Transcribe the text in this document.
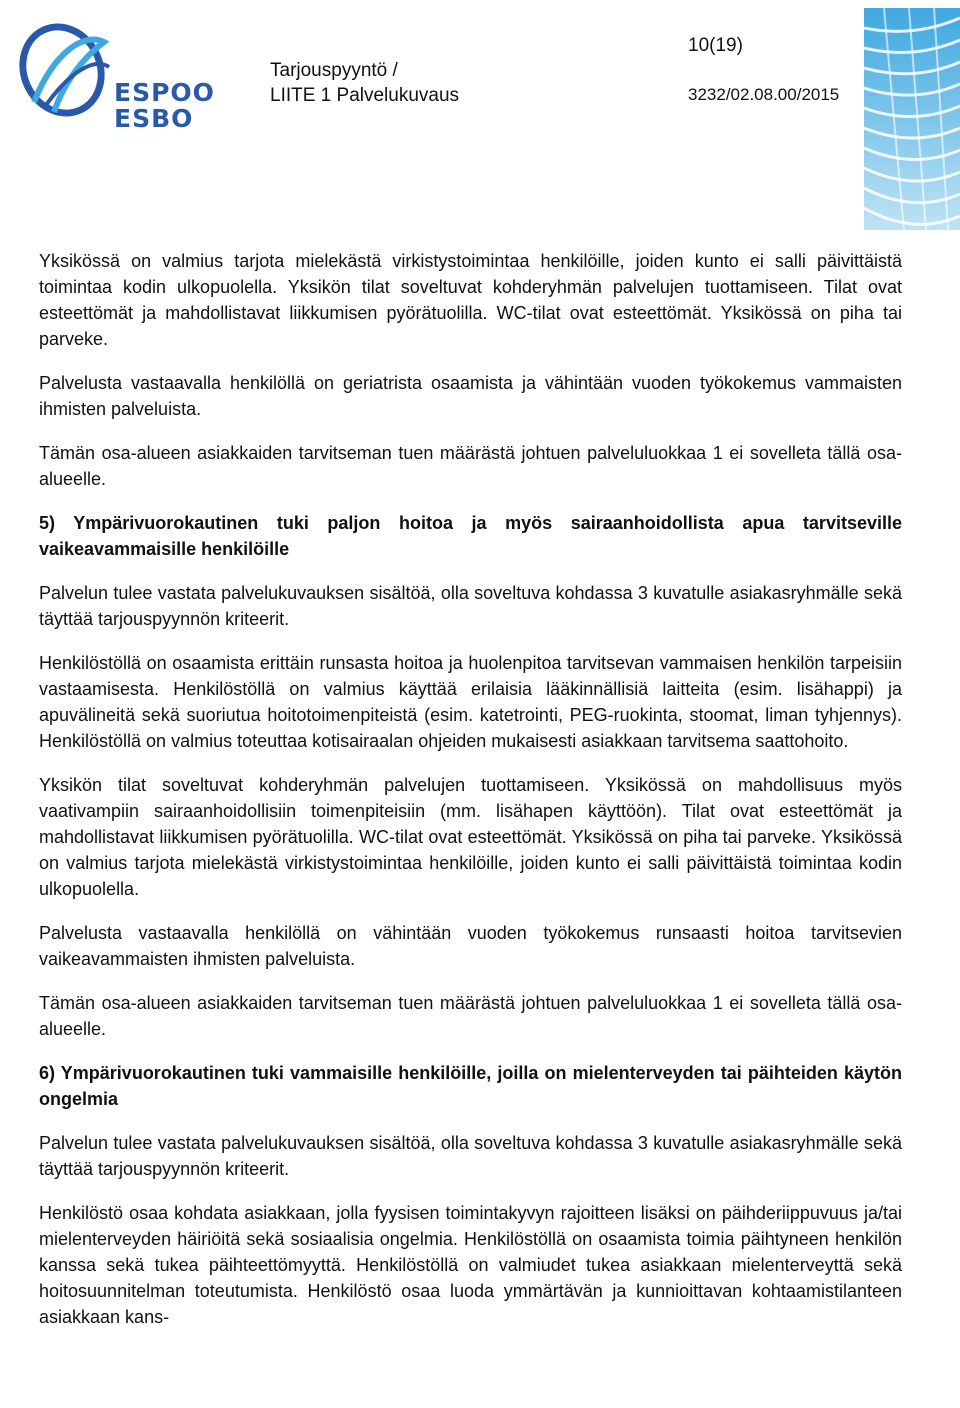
ESPOO
ESBO
Tarjouspyyntö /
LIITE 1 Palvelukuvaus
10(19)
3232/02.08.00/2015

Yksikössä on valmius tarjota mielekästä virkistystoimintaa henkilöille, joiden kunto ei salli päivittäistä toimintaa kodin ulkopuolella. Yksikön tilat soveltuvat kohderyhmän palvelujen tuottamiseen. Tilat ovat esteettömät ja mahdollistavat liikkumisen pyörätuolilla. WC-tilat ovat esteettömät. Yksikössä on piha tai parveke.

Palvelusta vastaavalla henkilöllä on geriatrista osaamista ja vähintään vuoden työkokemus vammaisten ihmisten palveluista.

Tämän osa-alueen asiakkaiden tarvitseman tuen määrästä johtuen palveluluokkaa 1 ei sovelleta tällä osa-alueelle.

5) Ympärivuorokautinen tuki paljon hoitoa ja myös sairaanhoidollista apua tarvitseville vaikeavammaisille henkilöille

Palvelun tulee vastata palvelukuvauksen sisältöä, olla soveltuva kohdassa 3 kuvatulle asiakasryhmälle sekä täyttää tarjouspyynnön kriteerit.

Henkilöstöllä on osaamista erittäin runsasta hoitoa ja huolenpitoa tarvitsevan vammaisen henkilön tarpeisiin vastaamisesta. Henkilöstöllä on valmius käyttää erilaisia lääkinnällisiä laitteita (esim. lisähappi) ja apuvälineitä sekä suoriutua hoitotoimenpiteistä (esim. katetrointi, PEG-ruokinta, stoomat, liman tyhjennys). Henkilöstöllä on valmius toteuttaa kotisairaalan ohjeiden mukaisesti asiakkaan tarvitsema saattohoito.

Yksikön tilat soveltuvat kohderyhmän palvelujen tuottamiseen. Yksikössä on mahdollisuus myös vaativampiin sairaanhoidollisiin toimenpiteisiin (mm. lisähapen käyttöön). Tilat ovat esteettömät ja mahdollistavat liikkumisen pyörätuolilla. WC-tilat ovat esteettömät. Yksikössä on piha tai parveke. Yksikössä on valmius tarjota mielekästä virkistystoimintaa henkilöille, joiden kunto ei salli päivittäistä toimintaa kodin ulkopuolella.

Palvelusta vastaavalla henkilöllä on vähintään vuoden työkokemus runsaasti hoitoa tarvitsevien vaikeavammaisten ihmisten palveluista.

Tämän osa-alueen asiakkaiden tarvitseman tuen määrästä johtuen palveluluokkaa 1 ei sovelleta tällä osa-alueelle.

6) Ympärivuorokautinen tuki vammaisille henkilöille, joilla on mielenterveyden tai päihteiden käytön ongelmia

Palvelun tulee vastata palvelukuvauksen sisältöä, olla soveltuva kohdassa 3 kuvatulle asiakasryhmälle sekä täyttää tarjouspyynnön kriteerit.

Henkilöstö osaa kohdata asiakkaan, jolla fyysisen toimintakyvyn rajoitteen lisäksi on päihderiippuvuus ja/tai mielenterveyden häiriöitä sekä sosiaalisia ongelmia. Henkilöstöllä on osaamista toimia päihtyneen henkilön kanssa sekä tukea päihteettömyyttä. Henkilöstöllä on valmiudet tukea asiakkaan mielenterveyttä sekä hoitosuunnitelman toteutumista. Henkilöstö osaa luoda ymmärtävän ja kunnioittavan kohtaamistilanteen asiakkaan kans-
